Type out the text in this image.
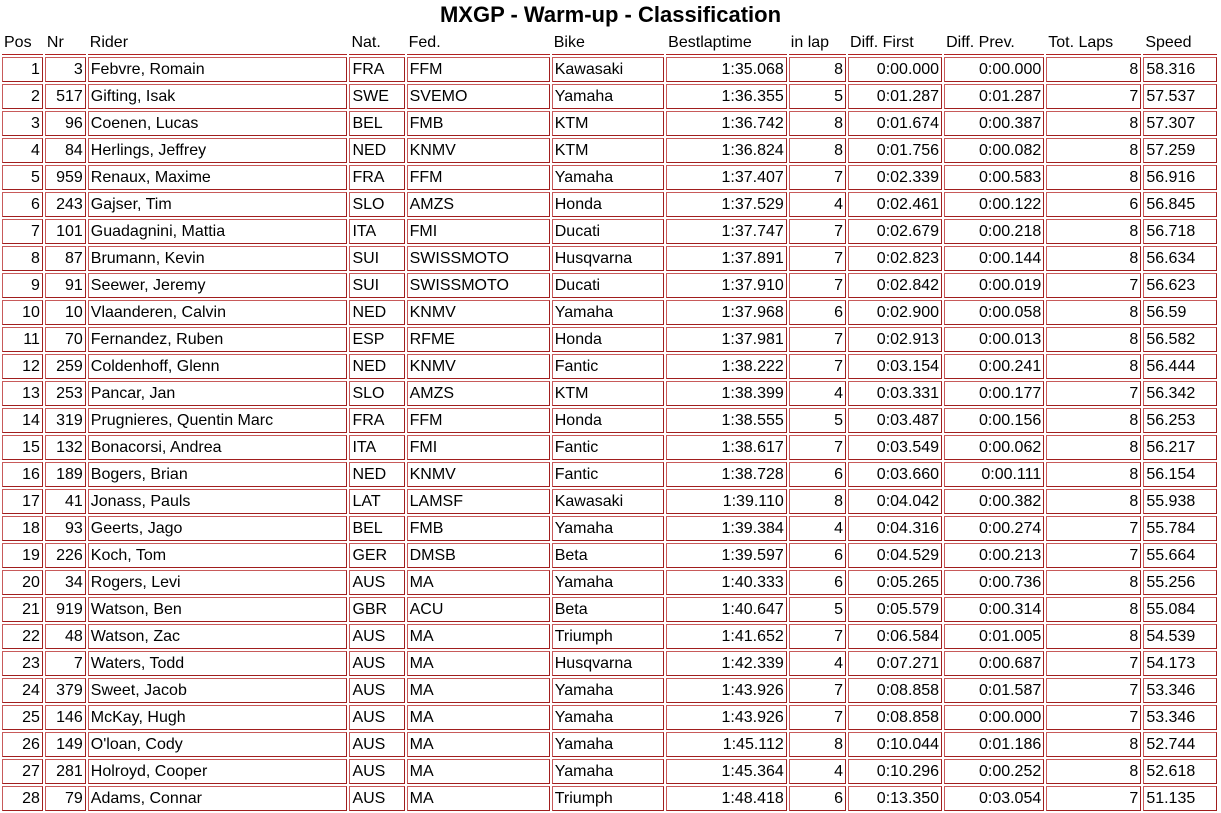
MXGP - Warm-up - Classification
Pos	Nr	Rider	Nat.	Fed.	Bike	Bestlaptime	in lap	Diff. First	Diff. Prev.	Tot. Laps	Speed
1	3	Febvre, Romain	FRA	FFM	Kawasaki	1:35.068	8	0:00.000	0:00.000	8	58.316
2	517	Gifting, Isak	SWE	SVEMO	Yamaha	1:36.355	5	0:01.287	0:01.287	7	57.537
3	96	Coenen, Lucas	BEL	FMB	KTM	1:36.742	8	0:01.674	0:00.387	8	57.307
4	84	Herlings, Jeffrey	NED	KNMV	KTM	1:36.824	8	0:01.756	0:00.082	8	57.259
5	959	Renaux, Maxime	FRA	FFM	Yamaha	1:37.407	7	0:02.339	0:00.583	8	56.916
6	243	Gajser, Tim	SLO	AMZS	Honda	1:37.529	4	0:02.461	0:00.122	6	56.845
7	101	Guadagnini, Mattia	ITA	FMI	Ducati	1:37.747	7	0:02.679	0:00.218	8	56.718
8	87	Brumann, Kevin	SUI	SWISSMOTO	Husqvarna	1:37.891	7	0:02.823	0:00.144	8	56.634
9	91	Seewer, Jeremy	SUI	SWISSMOTO	Ducati	1:37.910	7	0:02.842	0:00.019	7	56.623
10	10	Vlaanderen, Calvin	NED	KNMV	Yamaha	1:37.968	6	0:02.900	0:00.058	8	56.59
11	70	Fernandez, Ruben	ESP	RFME	Honda	1:37.981	7	0:02.913	0:00.013	8	56.582
12	259	Coldenhoff, Glenn	NED	KNMV	Fantic	1:38.222	7	0:03.154	0:00.241	8	56.444
13	253	Pancar, Jan	SLO	AMZS	KTM	1:38.399	4	0:03.331	0:00.177	7	56.342
14	319	Prugnieres, Quentin Marc	FRA	FFM	Honda	1:38.555	5	0:03.487	0:00.156	8	56.253
15	132	Bonacorsi, Andrea	ITA	FMI	Fantic	1:38.617	7	0:03.549	0:00.062	8	56.217
16	189	Bogers, Brian	NED	KNMV	Fantic	1:38.728	6	0:03.660	0:00.111	8	56.154
17	41	Jonass, Pauls	LAT	LAMSF	Kawasaki	1:39.110	8	0:04.042	0:00.382	8	55.938
18	93	Geerts, Jago	BEL	FMB	Yamaha	1:39.384	4	0:04.316	0:00.274	7	55.784
19	226	Koch, Tom	GER	DMSB	Beta	1:39.597	6	0:04.529	0:00.213	7	55.664
20	34	Rogers, Levi	AUS	MA	Yamaha	1:40.333	6	0:05.265	0:00.736	8	55.256
21	919	Watson, Ben	GBR	ACU	Beta	1:40.647	5	0:05.579	0:00.314	8	55.084
22	48	Watson, Zac	AUS	MA	Triumph	1:41.652	7	0:06.584	0:01.005	8	54.539
23	7	Waters, Todd	AUS	MA	Husqvarna	1:42.339	4	0:07.271	0:00.687	7	54.173
24	379	Sweet, Jacob	AUS	MA	Yamaha	1:43.926	7	0:08.858	0:01.587	7	53.346
25	146	McKay, Hugh	AUS	MA	Yamaha	1:43.926	7	0:08.858	0:00.000	7	53.346
26	149	O'loan, Cody	AUS	MA	Yamaha	1:45.112	8	0:10.044	0:01.186	8	52.744
27	281	Holroyd, Cooper	AUS	MA	Yamaha	1:45.364	4	0:10.296	0:00.252	8	52.618
28	79	Adams, Connar	AUS	MA	Triumph	1:48.418	6	0:13.350	0:03.054	7	51.135
